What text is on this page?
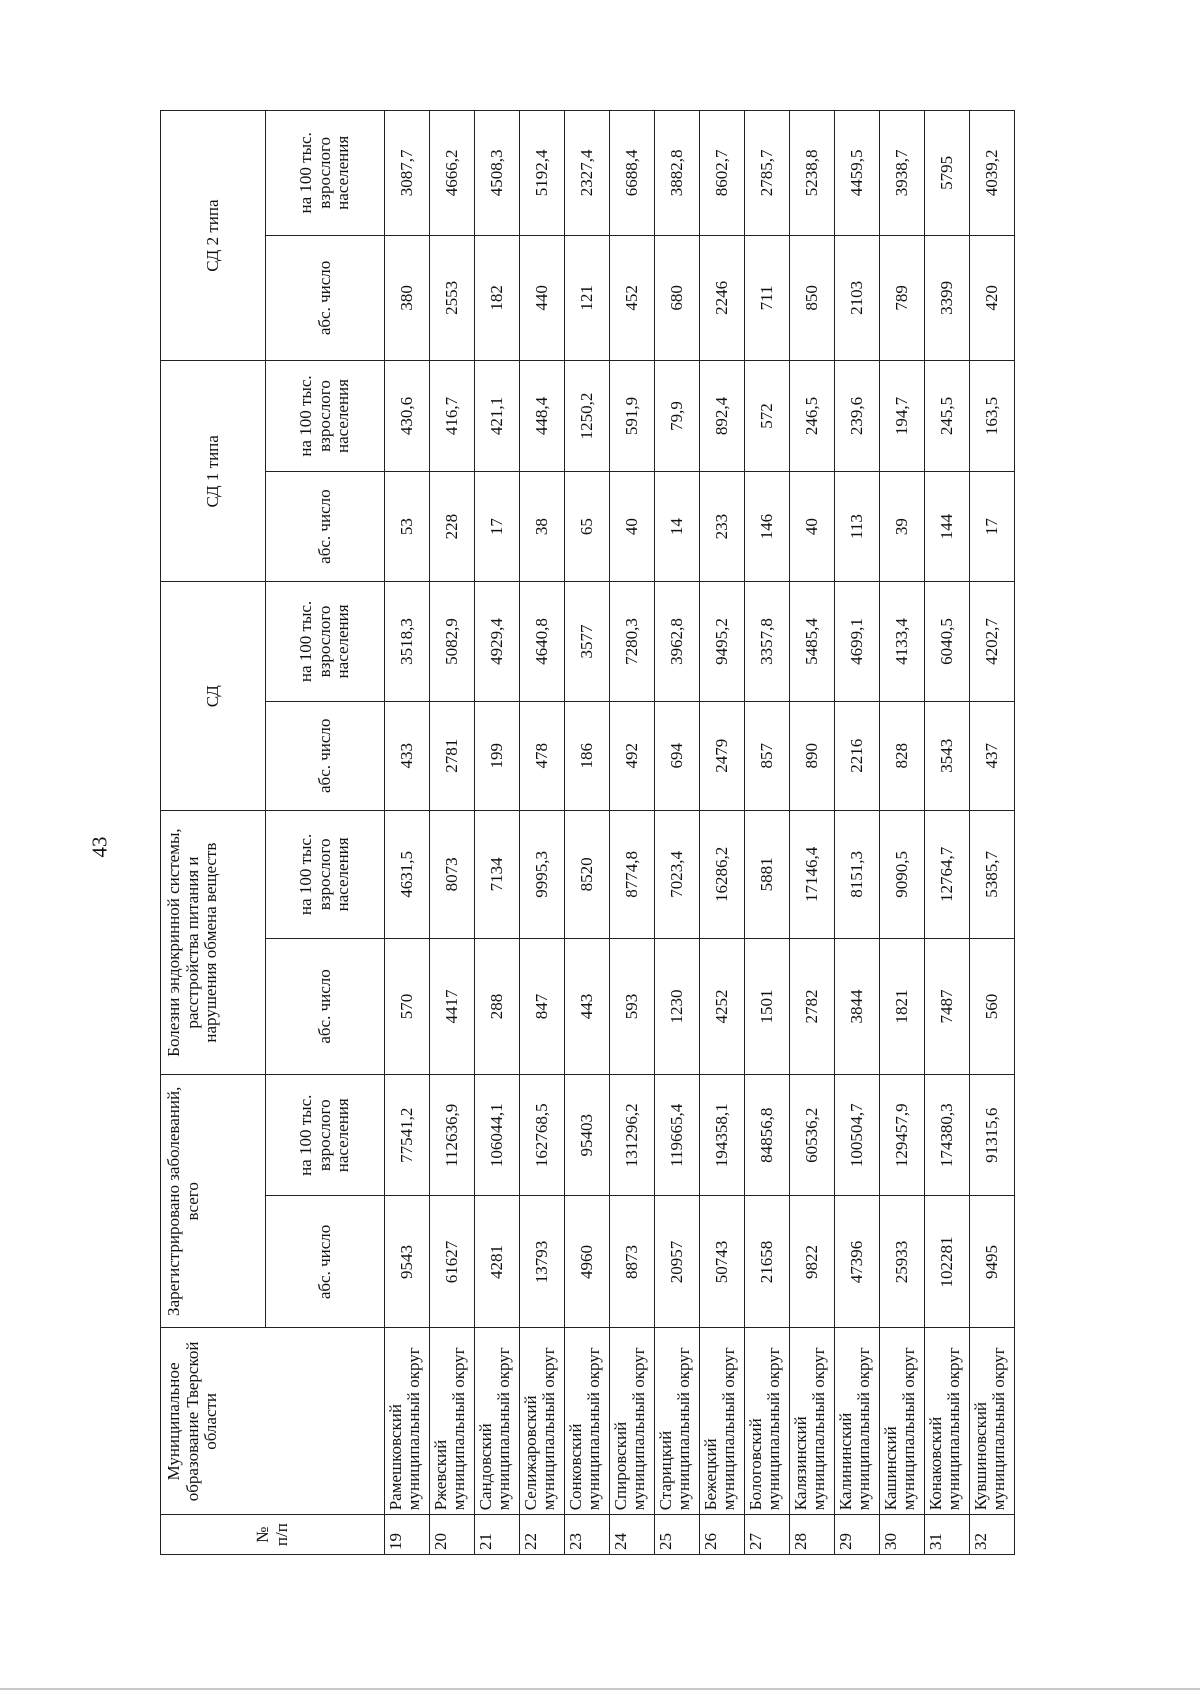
43
№ п/п	Муниципальное образование Тверской области	Зарегистрировано заболеваний, всего		Болезни эндокринной системы, расстройства питания и нарушения обмена веществ		СД		СД 1 типа		СД 2 типа	
		абс. число	на 100 тыс. взрослого населения	абс. число	на 100 тыс. взрослого населения	абс. число	на 100 тыс. взрослого населения	абс. число	на 100 тыс. взрослого населения	абс. число	на 100 тыс. взрослого населения
19	Рамешковский муниципальный округ	9543	77541,2	570	4631,5	433	3518,3	53	430,6	380	3087,7
20	Ржевский муниципальный округ	61627	112636,9	4417	8073	2781	5082,9	228	416,7	2553	4666,2
21	Сандовский муниципальный округ	4281	106044,1	288	7134	199	4929,4	17	421,1	182	4508,3
22	Селижаровский муниципальный округ	13793	162768,5	847	9995,3	478	4640,8	38	448,4	440	5192,4
23	Сонковский муниципальный округ	4960	95403	443	8520	186	3577	65	1250,2	121	2327,4
24	Спировский муниципальный округ	8873	131296,2	593	8774,8	492	7280,3	40	591,9	452	6688,4
25	Старицкий муниципальный округ	20957	119665,4	1230	7023,4	694	3962,8	14	79,9	680	3882,8
26	Бежецкий муниципальный округ	50743	194358,1	4252	16286,2	2479	9495,2	233	892,4	2246	8602,7
27	Бологовский муниципальный округ	21658	84856,8	1501	5881	857	3357,8	146	572	711	2785,7
28	Калязинский муниципальный округ	9822	60536,2	2782	17146,4	890	5485,4	40	246,5	850	5238,8
29	Калининский муниципальный округ	47396	100504,7	3844	8151,3	2216	4699,1	113	239,6	2103	4459,5
30	Кашинский муниципальный округ	25933	129457,9	1821	9090,5	828	4133,4	39	194,7	789	3938,7
31	Конаковский муниципальный округ	102281	174380,3	7487	12764,7	3543	6040,5	144	245,5	3399	5795
32	Кувшиновский муниципальный округ	9495	91315,6	560	5385,7	437	4202,7	17	163,5	420	4039,2
